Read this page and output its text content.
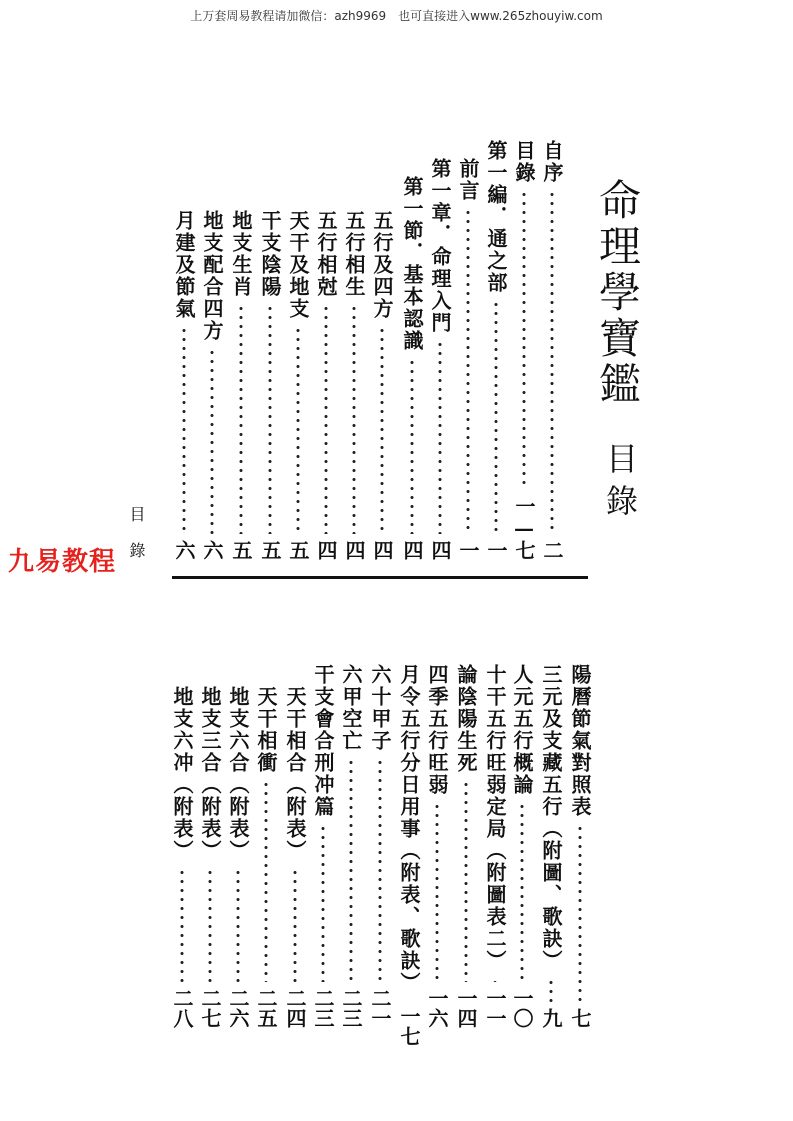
上万套周易教程请加微信：azh9969　也可直接进入www.265zhouyiw.com
命理學寶鑑
目錄
自序
二
目錄
一—七
第一編．通之部
一
前言
一
第一章．命理入門
四
第一節．基本認識
四
五行及四方
四
五行相生
四
五行相尅
四
天干及地支
五
干支陰陽
五
地支生肖
五
地支配合四方
六
月建及節氣
六
目　錄
九易教程
陽曆節氣對照表
七
三元及支藏五行（附圖、歌訣）
九
人元五行概論
一〇
十干五行旺弱定局（附圖表二）
一一
論陰陽生死
一四
四季五行旺弱
一六
月令五行分日用事（附表、歌訣）
一七
六十甲子
二一
六甲空亡
二三
干支會合刑冲篇
二三
天干相合（附表）
二四
天干相衝
二五
地支六合（附表）
二六
地支三合（附表）
二七
地支六冲（附表）
二八
